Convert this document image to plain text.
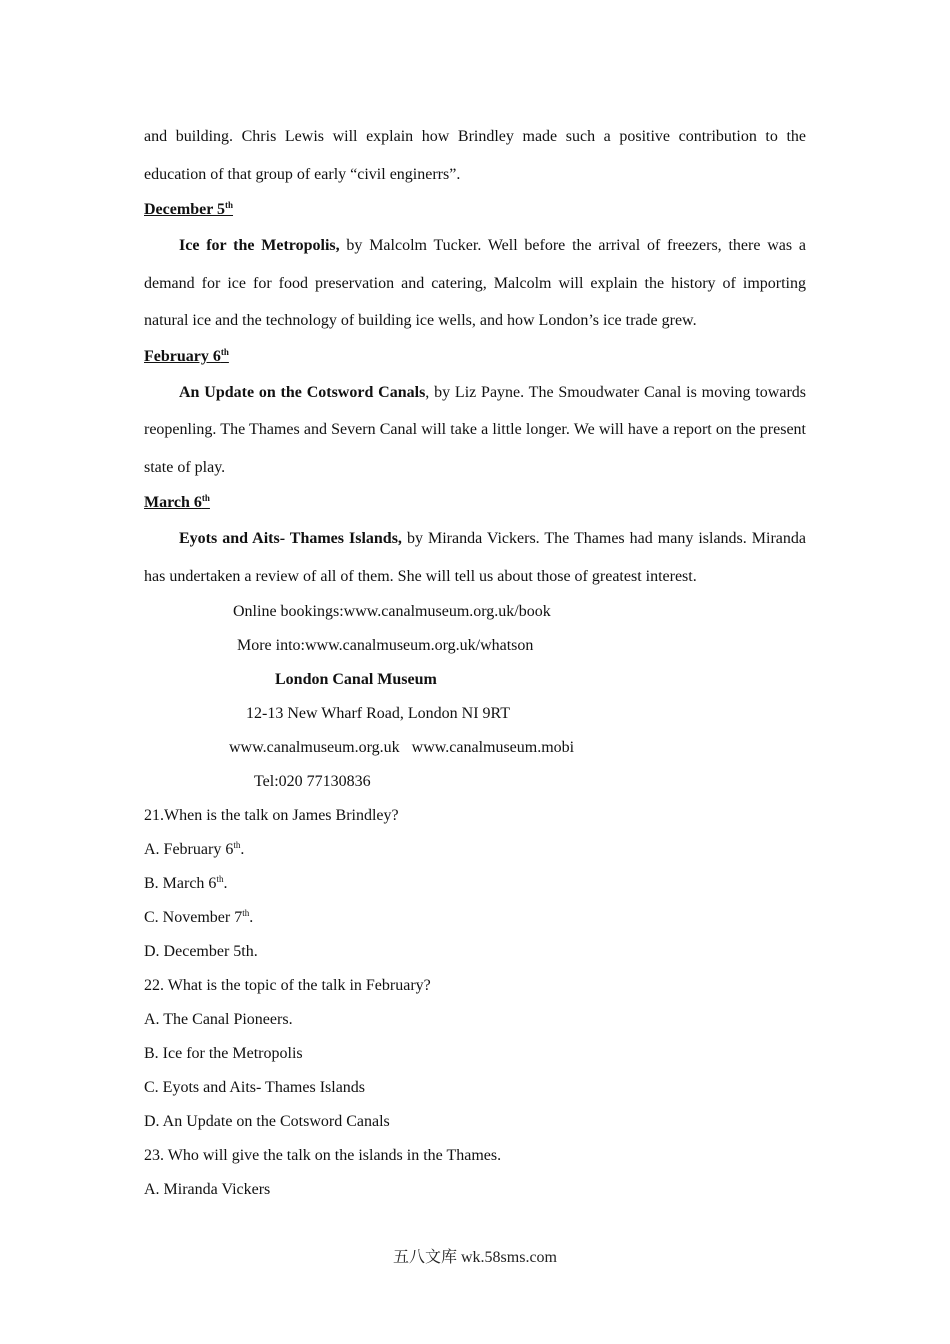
and building. Chris Lewis will explain how Brindley made such a positive contribution to the

education of that group of early “civil enginerrs”.

December 5th

Ice for the Metropolis, by Malcolm Tucker. Well before the arrival of freezers, there was a demand for ice for food preservation and catering, Malcolm will explain the history of importing natural ice and the technology of building ice wells, and how London’s ice trade grew.

February 6th

An Update on the Cotsword Canals, by Liz Payne. The Smoudwater Canal is moving towards reopenling. The Thames and Severn Canal will take a little longer. We will have a report on the present state of play.

March 6th

Eyots and Aits- Thames Islands, by Miranda Vickers. The Thames had many islands. Miranda has undertaken a review of all of them. She will tell us about those of greatest interest.

Online bookings:www.canalmuseum.org.uk/book
More into:www.canalmuseum.org.uk/whatson
London Canal Museum
12-13 New Wharf Road, London NI 9RT
www.canalmuseum.org.uk   www.canalmuseum.mobi
Tel:020 77130836

21.When is the talk on James Brindley?

A. February 6th.

B. March 6th.

C. November 7th.

D. December 5th.

22. What is the topic of the talk in February?

A. The Canal Pioneers.

B. Ice for the Metropolis

C. Eyots and Aits- Thames Islands

D. An Update on the Cotsword Canals

23. Who will give the talk on the islands in the Thames.

A. Miranda Vickers

五八文库 wk.58sms.com
